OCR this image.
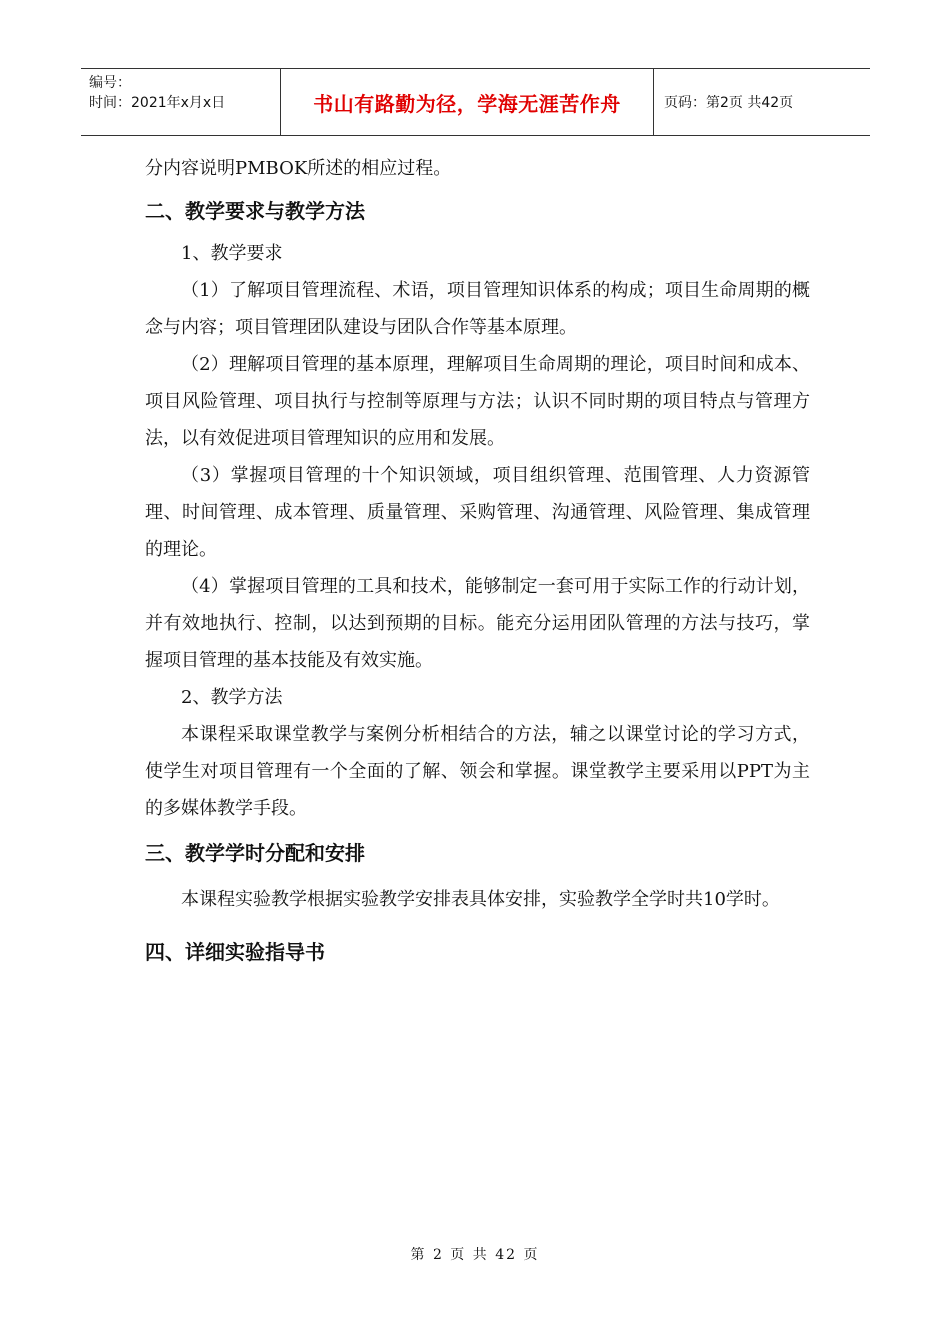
编号：
时间：2021年x月x日	书山有路勤为径，学海无涯苦作舟	页码：第2页 共42页

分内容说明PMBOK所述的相应过程。

二、教学要求与教学方法

1、教学要求

（1）了解项目管理流程、术语，项目管理知识体系的构成；项目生命周期的概念与内容；项目管理团队建设与团队合作等基本原理。

（2）理解项目管理的基本原理，理解项目生命周期的理论，项目时间和成本、项目风险管理、项目执行与控制等原理与方法；认识不同时期的项目特点与管理方法，以有效促进项目管理知识的应用和发展。

（3）掌握项目管理的十个知识领域，项目组织管理、范围管理、人力资源管理、时间管理、成本管理、质量管理、采购管理、沟通管理、风险管理、集成管理的理论。

（4）掌握项目管理的工具和技术，能够制定一套可用于实际工作的行动计划，并有效地执行、控制，以达到预期的目标。能充分运用团队管理的方法与技巧，掌握项目管理的基本技能及有效实施。

2、教学方法

本课程采取课堂教学与案例分析相结合的方法，辅之以课堂讨论的学习方式，使学生对项目管理有一个全面的了解、领会和掌握。课堂教学主要采用以PPT为主的多媒体教学手段。

三、教学学时分配和安排

本课程实验教学根据实验教学安排表具体安排，实验教学全学时共10学时。

四、详细实验指导书

第 2 页 共 42 页
